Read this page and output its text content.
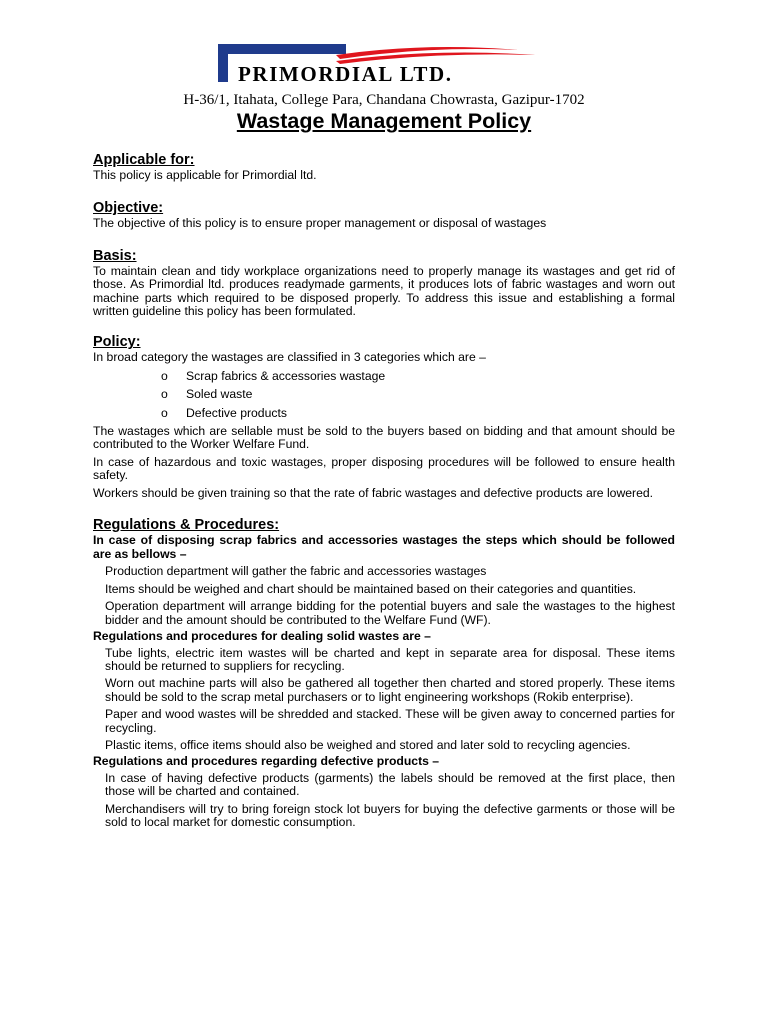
PRIMORDIAL LTD.
H-36/1, Itahata, College Para, Chandana Chowrasta, Gazipur-1702
Wastage Management Policy

Applicable for:

This policy is applicable for Primordial ltd.

Objective:

The objective of this policy is to ensure proper management or disposal of wastages

Basis:

To maintain clean and tidy workplace organizations need to properly manage its wastages and get rid of those. As Primordial ltd. produces readymade garments, it produces lots of fabric wastages and worn out machine parts which required to be disposed properly. To address this issue and establishing a formal written guideline this policy has been formulated.

Policy:

In broad category the wastages are classified in 3 categories which are –

o Scrap fabrics & accessories wastage

o Soled waste

o Defective products

The wastages which are sellable must be sold to the buyers based on bidding and that amount should be contributed to the Worker Welfare Fund.

In case of hazardous and toxic wastages, proper disposing procedures will be followed to ensure health safety.

Workers should be given training so that the rate of fabric wastages and defective products are lowered.

Regulations & Procedures:

In case of disposing scrap fabrics and accessories wastages the steps which should be followed are as bellows –

Production department will gather the fabric and accessories wastages

Items should be weighed and chart should be maintained based on their categories and quantities.

Operation department will arrange bidding for the potential buyers and sale the wastages to the highest bidder and the amount should be contributed to the Welfare Fund (WF).

Regulations and procedures for dealing solid wastes are –

Tube lights, electric item wastes will be charted and kept in separate area for disposal. These items should be returned to suppliers for recycling.

Worn out machine parts will also be gathered all together then charted and stored properly. These items should be sold to the scrap metal purchasers or to light engineering workshops (Rokib enterprise).

Paper and wood wastes will be shredded and stacked. These will be given away to concerned parties for recycling.

Plastic items, office items should also be weighed and stored and later sold to recycling agencies.

Regulations and procedures regarding defective products –

In case of having defective products (garments) the labels should be removed at the first place, then those will be charted and contained.

Merchandisers will try to bring foreign stock lot buyers for buying the defective garments or those will be sold to local market for domestic consumption.
